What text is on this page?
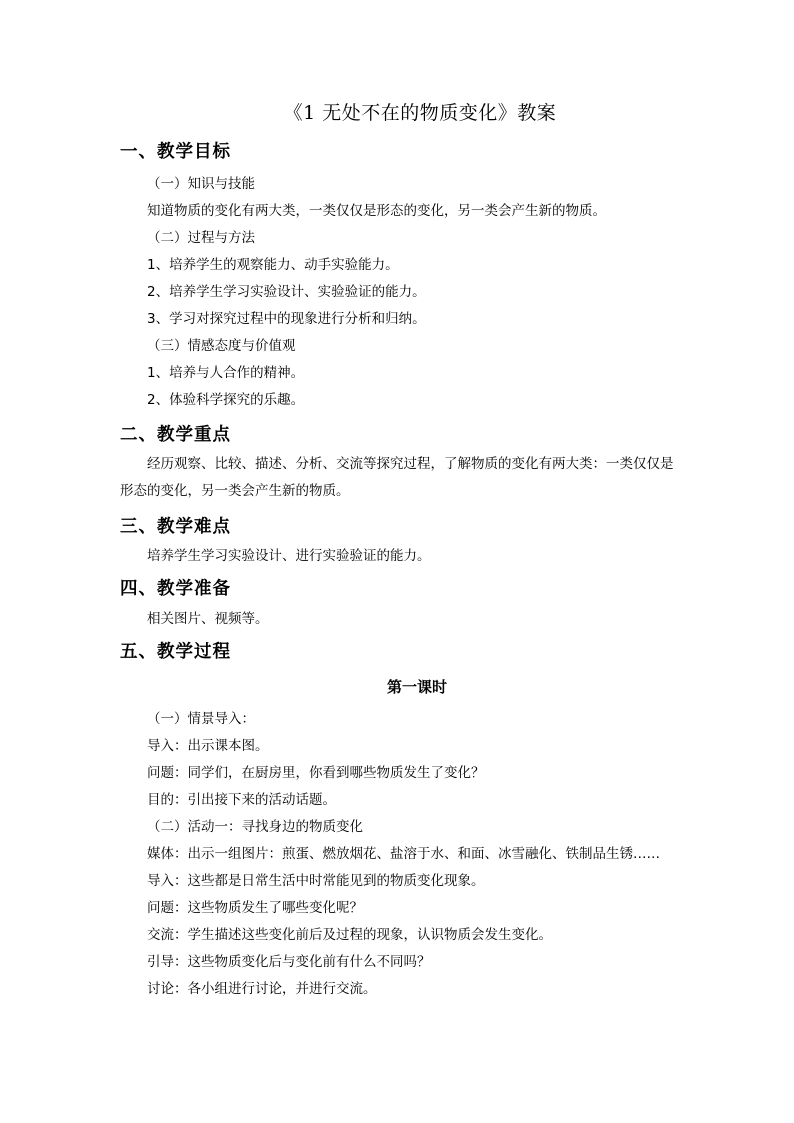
《1 无处不在的物质变化》教案
一、教学目标
（一）知识与技能
知道物质的变化有两大类，一类仅仅是形态的变化，另一类会产生新的物质。
（二）过程与方法
1、培养学生的观察能力、动手实验能力。
2、培养学生学习实验设计、实验验证的能力。
3、学习对探究过程中的现象进行分析和归纳。
（三）情感态度与价值观
1、培养与人合作的精神。
2、体验科学探究的乐趣。
二、教学重点
经历观察、比较、描述、分析、交流等探究过程，了解物质的变化有两大类：一类仅仅是形态的变化，另一类会产生新的物质。
三、教学难点
培养学生学习实验设计、进行实验验证的能力。
四、教学准备
相关图片、视频等。
五、教学过程
第一课时
（一）情景导入：
导入：出示课本图。
问题：同学们，在厨房里，你看到哪些物质发生了变化？
目的：引出接下来的活动话题。
（二）活动一：寻找身边的物质变化
媒体：出示一组图片：煎蛋、燃放烟花、盐溶于水、和面、冰雪融化、铁制品生锈……
导入：这些都是日常生活中时常能见到的物质变化现象。
问题：这些物质发生了哪些变化呢？
交流：学生描述这些变化前后及过程的现象，认识物质会发生变化。
引导：这些物质变化后与变化前有什么不同吗？
讨论：各小组进行讨论，并进行交流。
